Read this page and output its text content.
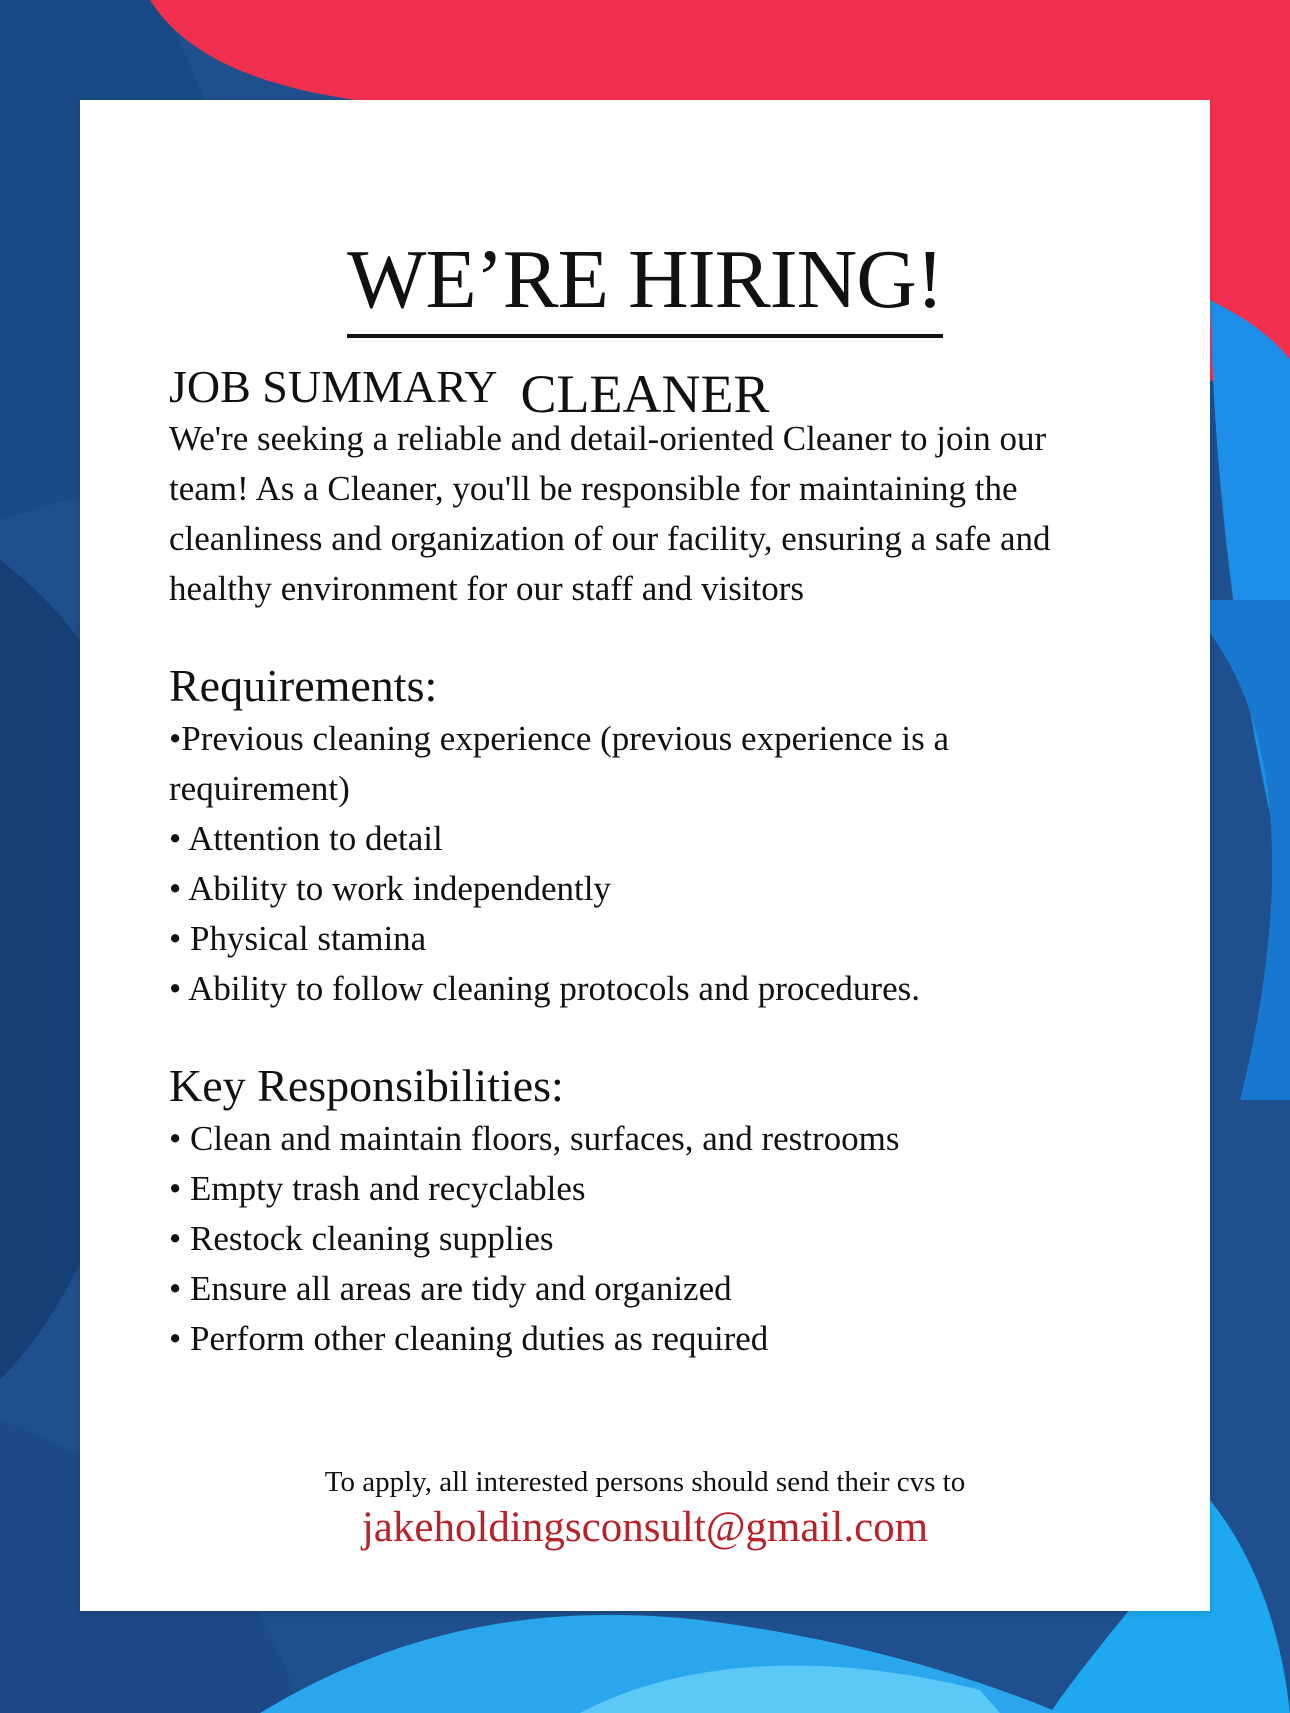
WE’RE HIRING!
CLEANER
JOB SUMMARY

We're seeking a reliable and detail-oriented Cleaner to join our

team! As a Cleaner, you'll be responsible for maintaining the

cleanliness and organization of our facility, ensuring a safe and

healthy environment for our staff and visitors

Requirements:
•Previous cleaning experience (previous experience is a
requirement)
• Attention to detail
• Ability to work independently
• Physical stamina
• Ability to follow cleaning protocols and procedures.
Key Responsibilities:
• Clean and maintain floors, surfaces, and restrooms
• Empty trash and recyclables
• Restock cleaning supplies
• Ensure all areas are tidy and organized
• Perform other cleaning duties as required
To apply, all interested persons should send their cvs to
jakeholdingsconsult@gmail.com
